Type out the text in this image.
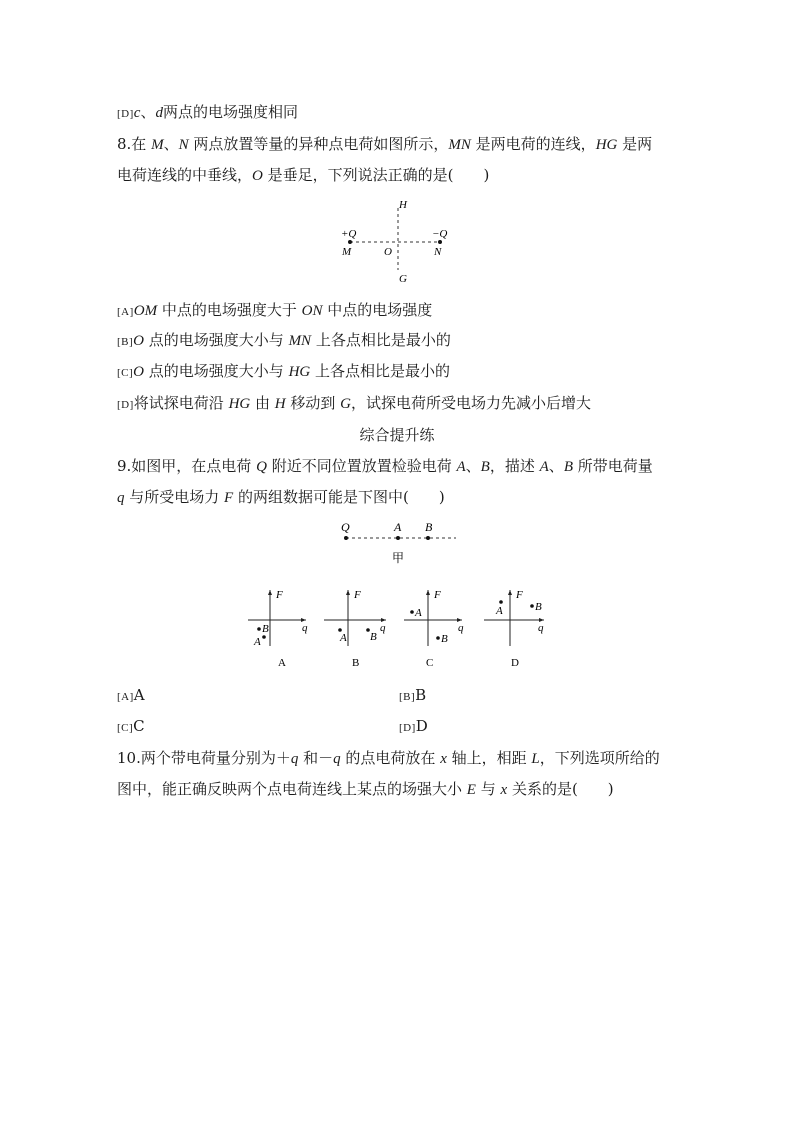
[D]c、d两点的电场强度相同
8.在 M、N 两点放置等量的异种点电荷如图所示，MN 是两电荷的连线，HG 是两
电荷连线的中垂线，O 是垂足，下列说法正确的是(　　)
H
G
+Q	−Q
M	O	N
[A]OM 中点的电场强度大于 ON 中点的电场强度
[B]O 点的电场强度大小与 MN 上各点相比是最小的
[C]O 点的电场强度大小与 HG 上各点相比是最小的
[D]将试探电荷沿 HG 由 H 移动到 G，试探电荷所受电场力先减小后增大
综合提升练
9.如图甲，在点电荷 Q 附近不同位置放置检验电荷 A、B，描述 A、B 所带电荷量
q 与所受电场力 F 的两组数据可能是下图中(　　)
Q	A B
甲
F
q
B
A
A
F
q
A B
B
F
q
A
B
C
F
q
A	B
D
[A]A	[B]B
[C]C	[D]D
10.两个带电荷量分别为＋q 和－q 的点电荷放在 x 轴上，相距 L，下列选项所给的
图中，能正确反映两个点电荷连线上某点的场强大小 E 与 x 关系的是(　　)
